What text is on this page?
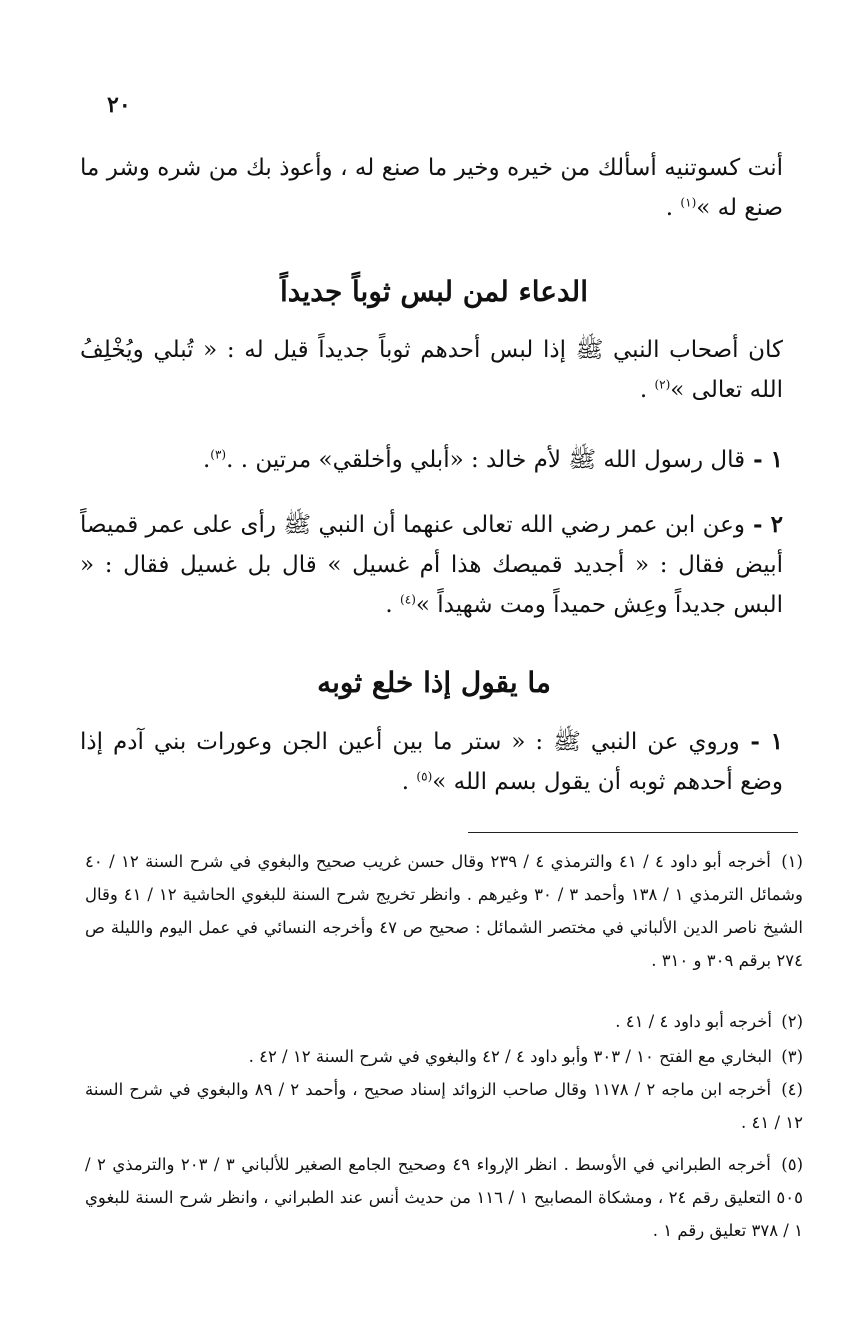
٢٠
أنت كسوتنيه أسألك من خيره وخير ما صنع له ، وأعوذ بك من شره وشر ما صنع له »$^{(١)}$ .
الدعاء لمن لبس ثوباً جديداً
كان أصحاب النبي ﷺ إذا لبس أحدهم ثوباً جديداً قيل له : « تُبلي ويُخْلِفُ الله تعالى »$^{(٢)}$ .
١ - قال رسول الله ﷺ لأم خالد : «أبلي وأخلقي» مرتين . .$^{(٣)}$.
٢ - وعن ابن عمر رضي الله تعالى عنهما أن النبي ﷺ رأى على عمر قميصاً أبيض فقال : « أجديد قميصك هذا أم غسيل » قال بل غسيل فقال : « البس جديداً وعِش حميداً ومت شهيداً »$^{(٤)}$ .
ما يقول إذا خلع ثوبه
١ - وروي عن النبي ﷺ : « ستر ما بين أعين الجن وعورات بني آدم إذا وضع أحدهم ثوبه أن يقول بسم الله »$^{(٥)}$ .
(١) أخرجه أبو داود ٤ / ٤١ والترمذي ٤ / ٢٣٩ وقال حسن غريب صحيح والبغوي في شرح السنة ١٢ / ٤٠ وشمائل الترمذي ١ / ١٣٨ وأحمد ٣ / ٣٠ وغيرهم . وانظر تخريج شرح السنة للبغوي الحاشية ١٢ / ٤١ وقال الشيخ ناصر الدين الألباني في مختصر الشمائل : صحيح ص ٤٧ وأخرجه النسائي في عمل اليوم والليلة ص ٢٧٤ برقم ٣٠٩ و ٣١٠ .
(٢) أخرجه أبو داود ٤ / ٤١ .
(٣) البخاري مع الفتح ١٠ / ٣٠٣ وأبو داود ٤ / ٤٢ والبغوي في شرح السنة ١٢ / ٤٢ .
(٤) أخرجه ابن ماجه ٢ / ١١٧٨ وقال صاحب الزوائد إسناد صحيح ، وأحمد ٢ / ٨٩ والبغوي في شرح السنة ١٢ / ٤١ .
(٥) أخرجه الطبراني في الأوسط . انظر الإرواء ٤٩ وصحيح الجامع الصغير للألباني ٣ / ٢٠٣ والترمذي ٢ / ٥٠٥ التعليق رقم ٢٤ ، ومشكاة المصابيح ١ / ١١٦ من حديث أنس عند الطبراني ، وانظر شرح السنة للبغوي ١ / ٣٧٨ تعليق رقم ١ .
